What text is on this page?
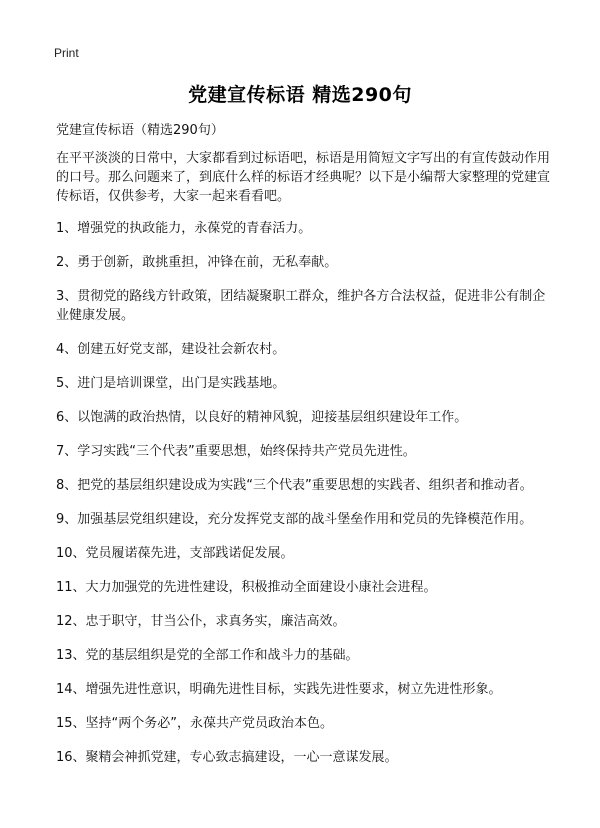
Print
党建宣传标语 精选290句

党建宣传标语（精选290句）

在平平淡淡的日常中，大家都看到过标语吧，标语是用简短文字写出的有宣传鼓动作用的口号。那么问题来了，到底什么样的标语才经典呢？以下是小编帮大家整理的党建宣传标语，仅供参考，大家一起来看看吧。

1、增强党的执政能力，永葆党的青春活力。
2、勇于创新，敢挑重担，冲锋在前，无私奉献。
3、贯彻党的路线方针政策，团结凝聚职工群众，维护各方合法权益，促进非公有制企业健康发展。
4、创建五好党支部，建设社会新农村。
5、进门是培训课堂，出门是实践基地。
6、以饱满的政治热情，以良好的精神风貌，迎接基层组织建设年工作。
7、学习实践“三个代表”重要思想，始终保持共产党员先进性。
8、把党的基层组织建设成为实践“三个代表”重要思想的实践者、组织者和推动者。
9、加强基层党组织建设，充分发挥党支部的战斗堡垒作用和党员的先锋模范作用。
10、党员履诺葆先进，支部践诺促发展。
11、大力加强党的先进性建设，积极推动全面建设小康社会进程。
12、忠于职守，甘当公仆，求真务实，廉洁高效。
13、党的基层组织是党的全部工作和战斗力的基础。
14、增强先进性意识，明确先进性目标，实践先进性要求，树立先进性形象。
15、坚持“两个务必”，永葆共产党员政治本色。
16、聚精会神抓党建，专心致志搞建设，一心一意谋发展。
